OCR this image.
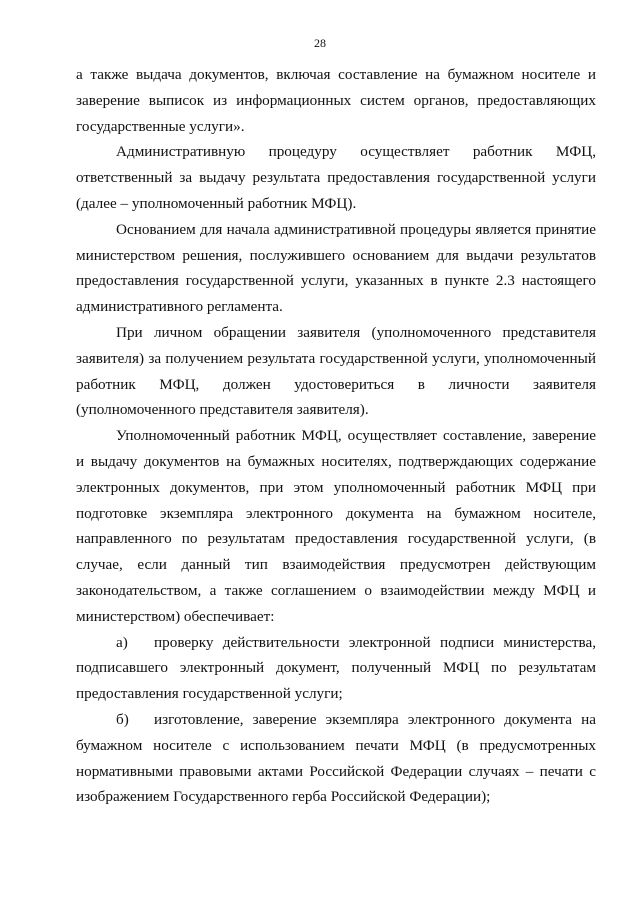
28

а также выдача документов, включая составление на бумажном носителе и заверение выписок из информационных систем органов, предоставляющих государственные услуги».

Административную процедуру осуществляет работник МФЦ, ответственный за выдачу результата предоставления государственной услуги (далее – уполномоченный работник МФЦ).

Основанием для начала административной процедуры является принятие министерством решения, послужившего основанием для выдачи результатов предоставления государственной услуги, указанных в пункте 2.3 настоящего административного регламента.

При личном обращении заявителя (уполномоченного представителя заявителя) за получением результата государственной услуги, уполномоченный работник МФЦ, должен удостовериться в личности заявителя (уполномоченного представителя заявителя).

Уполномоченный работник МФЦ, осуществляет составление, заверение и выдачу документов на бумажных носителях, подтверждающих содержание электронных документов, при этом уполномоченный работник МФЦ при подготовке экземпляра электронного документа на бумажном носителе, направленного по результатам предоставления государственной услуги, (в случае, если данный тип взаимодействия предусмотрен действующим законодательством, а также соглашением о взаимодействии между МФЦ и министерством) обеспечивает:

а) проверку действительности электронной подписи министерства, подписавшего электронный документ, полученный МФЦ по результатам предоставления государственной услуги;

б) изготовление, заверение экземпляра электронного документа на бумажном носителе с использованием печати МФЦ (в предусмотренных нормативными правовыми актами Российской Федерации случаях – печати с изображением Государственного герба Российской Федерации);
